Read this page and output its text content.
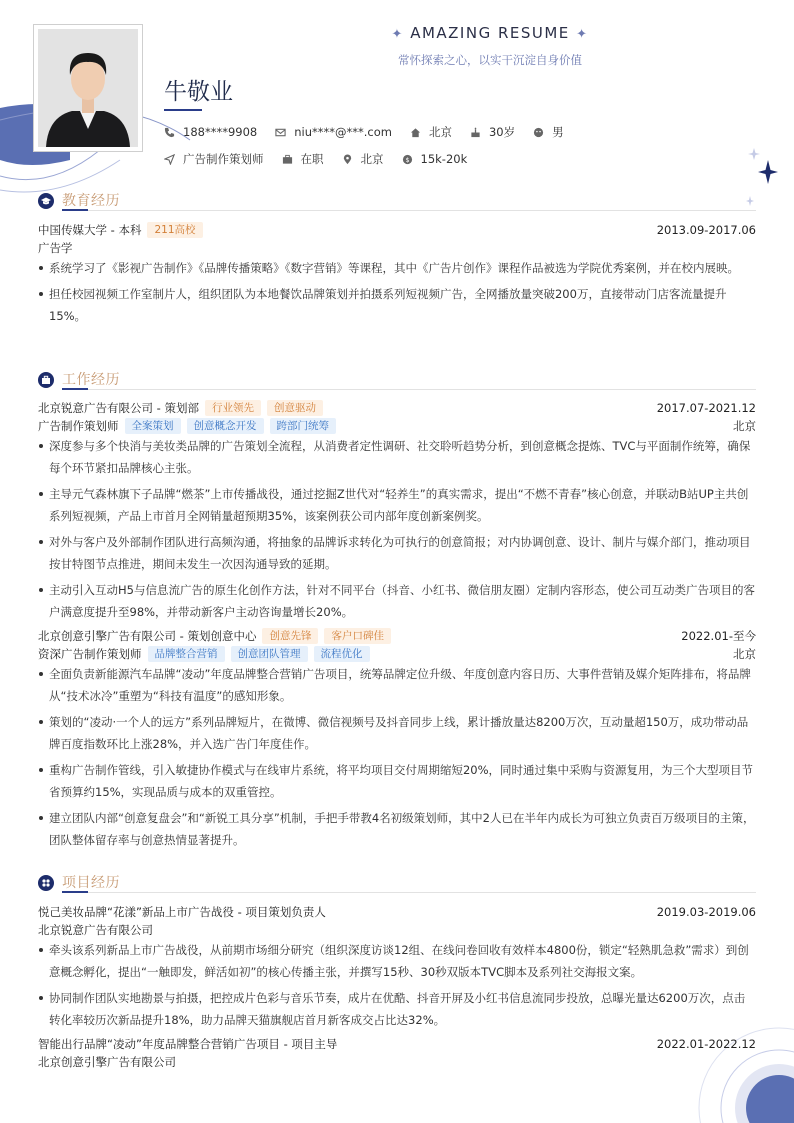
✦ AMAZING RESUME ✦
常怀探索之心，以实干沉淀自身价值
牛敬业
188****9908	niu****@***.com	北京	30岁	男
广告制作策划师	在职	北京	$ 15k-20k
教育经历
中国传媒大学 - 本科	211高校	2013.09-2017.06
广告学
系统学习了《影视广告制作》《品牌传播策略》《数字营销》等课程，其中《广告片创作》课程作品被选为学院优秀案例，并在校内展映。
担任校园视频工作室制片人，组织团队为本地餐饮品牌策划并拍摄系列短视频广告，全网播放量突破200万，直接带动门店客流量提升15%。
工作经历
北京锐意广告有限公司 - 策划部	行业领先	创意驱动	2017.07-2021.12
广告制作策划师	全案策划	创意概念开发	跨部门统筹	北京
深度参与多个快消与美妆类品牌的广告策划全流程，从消费者定性调研、社交聆听趋势分析，到创意概念提炼、TVC与平面制作统筹，确保每个环节紧扣品牌核心主张。
主导元气森林旗下子品牌“燃茶”上市传播战役，通过挖掘Z世代对“轻养生”的真实需求，提出“不燃不青春”核心创意，并联动B站UP主共创系列短视频，产品上市首月全网销量超预期35%，该案例获公司内部年度创新案例奖。
对外与客户及外部制作团队进行高频沟通，将抽象的品牌诉求转化为可执行的创意简报；对内协调创意、设计、制片与媒介部门，推动项目按甘特图节点推进，期间未发生一次因沟通导致的延期。
主动引入互动H5与信息流广告的原生化创作方法，针对不同平台（抖音、小红书、微信朋友圈）定制内容形态，使公司互动类广告项目的客户满意度提升至98%，并带动新客户主动咨询量增长20%。
北京创意引擎广告有限公司 - 策划创意中心	创意先锋	客户口碑佳	2022.01-至今
资深广告制作策划师	品牌整合营销	创意团队管理	流程优化	北京
全面负责新能源汽车品牌“凌动”年度品牌整合营销广告项目，统筹品牌定位升级、年度创意内容日历、大事件营销及媒介矩阵排布，将品牌从“技术冰冷”重塑为“科技有温度”的感知形象。
策划的“凌动·一个人的远方”系列品牌短片，在微博、微信视频号及抖音同步上线，累计播放量达8200万次，互动量超150万，成功带动品牌百度指数环比上涨28%，并入选广告门年度佳作。
重构广告制作管线，引入敏捷协作模式与在线审片系统，将平均项目交付周期缩短20%，同时通过集中采购与资源复用，为三个大型项目节省预算约15%，实现品质与成本的双重管控。
建立团队内部“创意复盘会”和“新锐工具分享”机制，手把手带教4名初级策划师，其中2人已在半年内成长为可独立负责百万级项目的主策，团队整体留存率与创意热情显著提升。
项目经历
悦己美妆品牌“花漾”新品上市广告战役 - 项目策划负责人	2019.03-2019.06
北京锐意广告有限公司
牵头该系列新品上市广告战役，从前期市场细分研究（组织深度访谈12组、在线问卷回收有效样本4800份，锁定“轻熟肌急救”需求）到创意概念孵化，提出“一触即发，鲜活如初”的核心传播主张，并撰写15秒、30秒双版本TVC脚本及系列社交海报文案。
协同制作团队实地勘景与拍摄，把控成片色彩与音乐节奏，成片在优酷、抖音开屏及小红书信息流同步投放，总曝光量达6200万次，点击转化率较历次新品提升18%，助力品牌天猫旗舰店首月新客成交占比达32%。
智能出行品牌“凌动”年度品牌整合营销广告项目 - 项目主导	2022.01-2022.12
北京创意引擎广告有限公司
